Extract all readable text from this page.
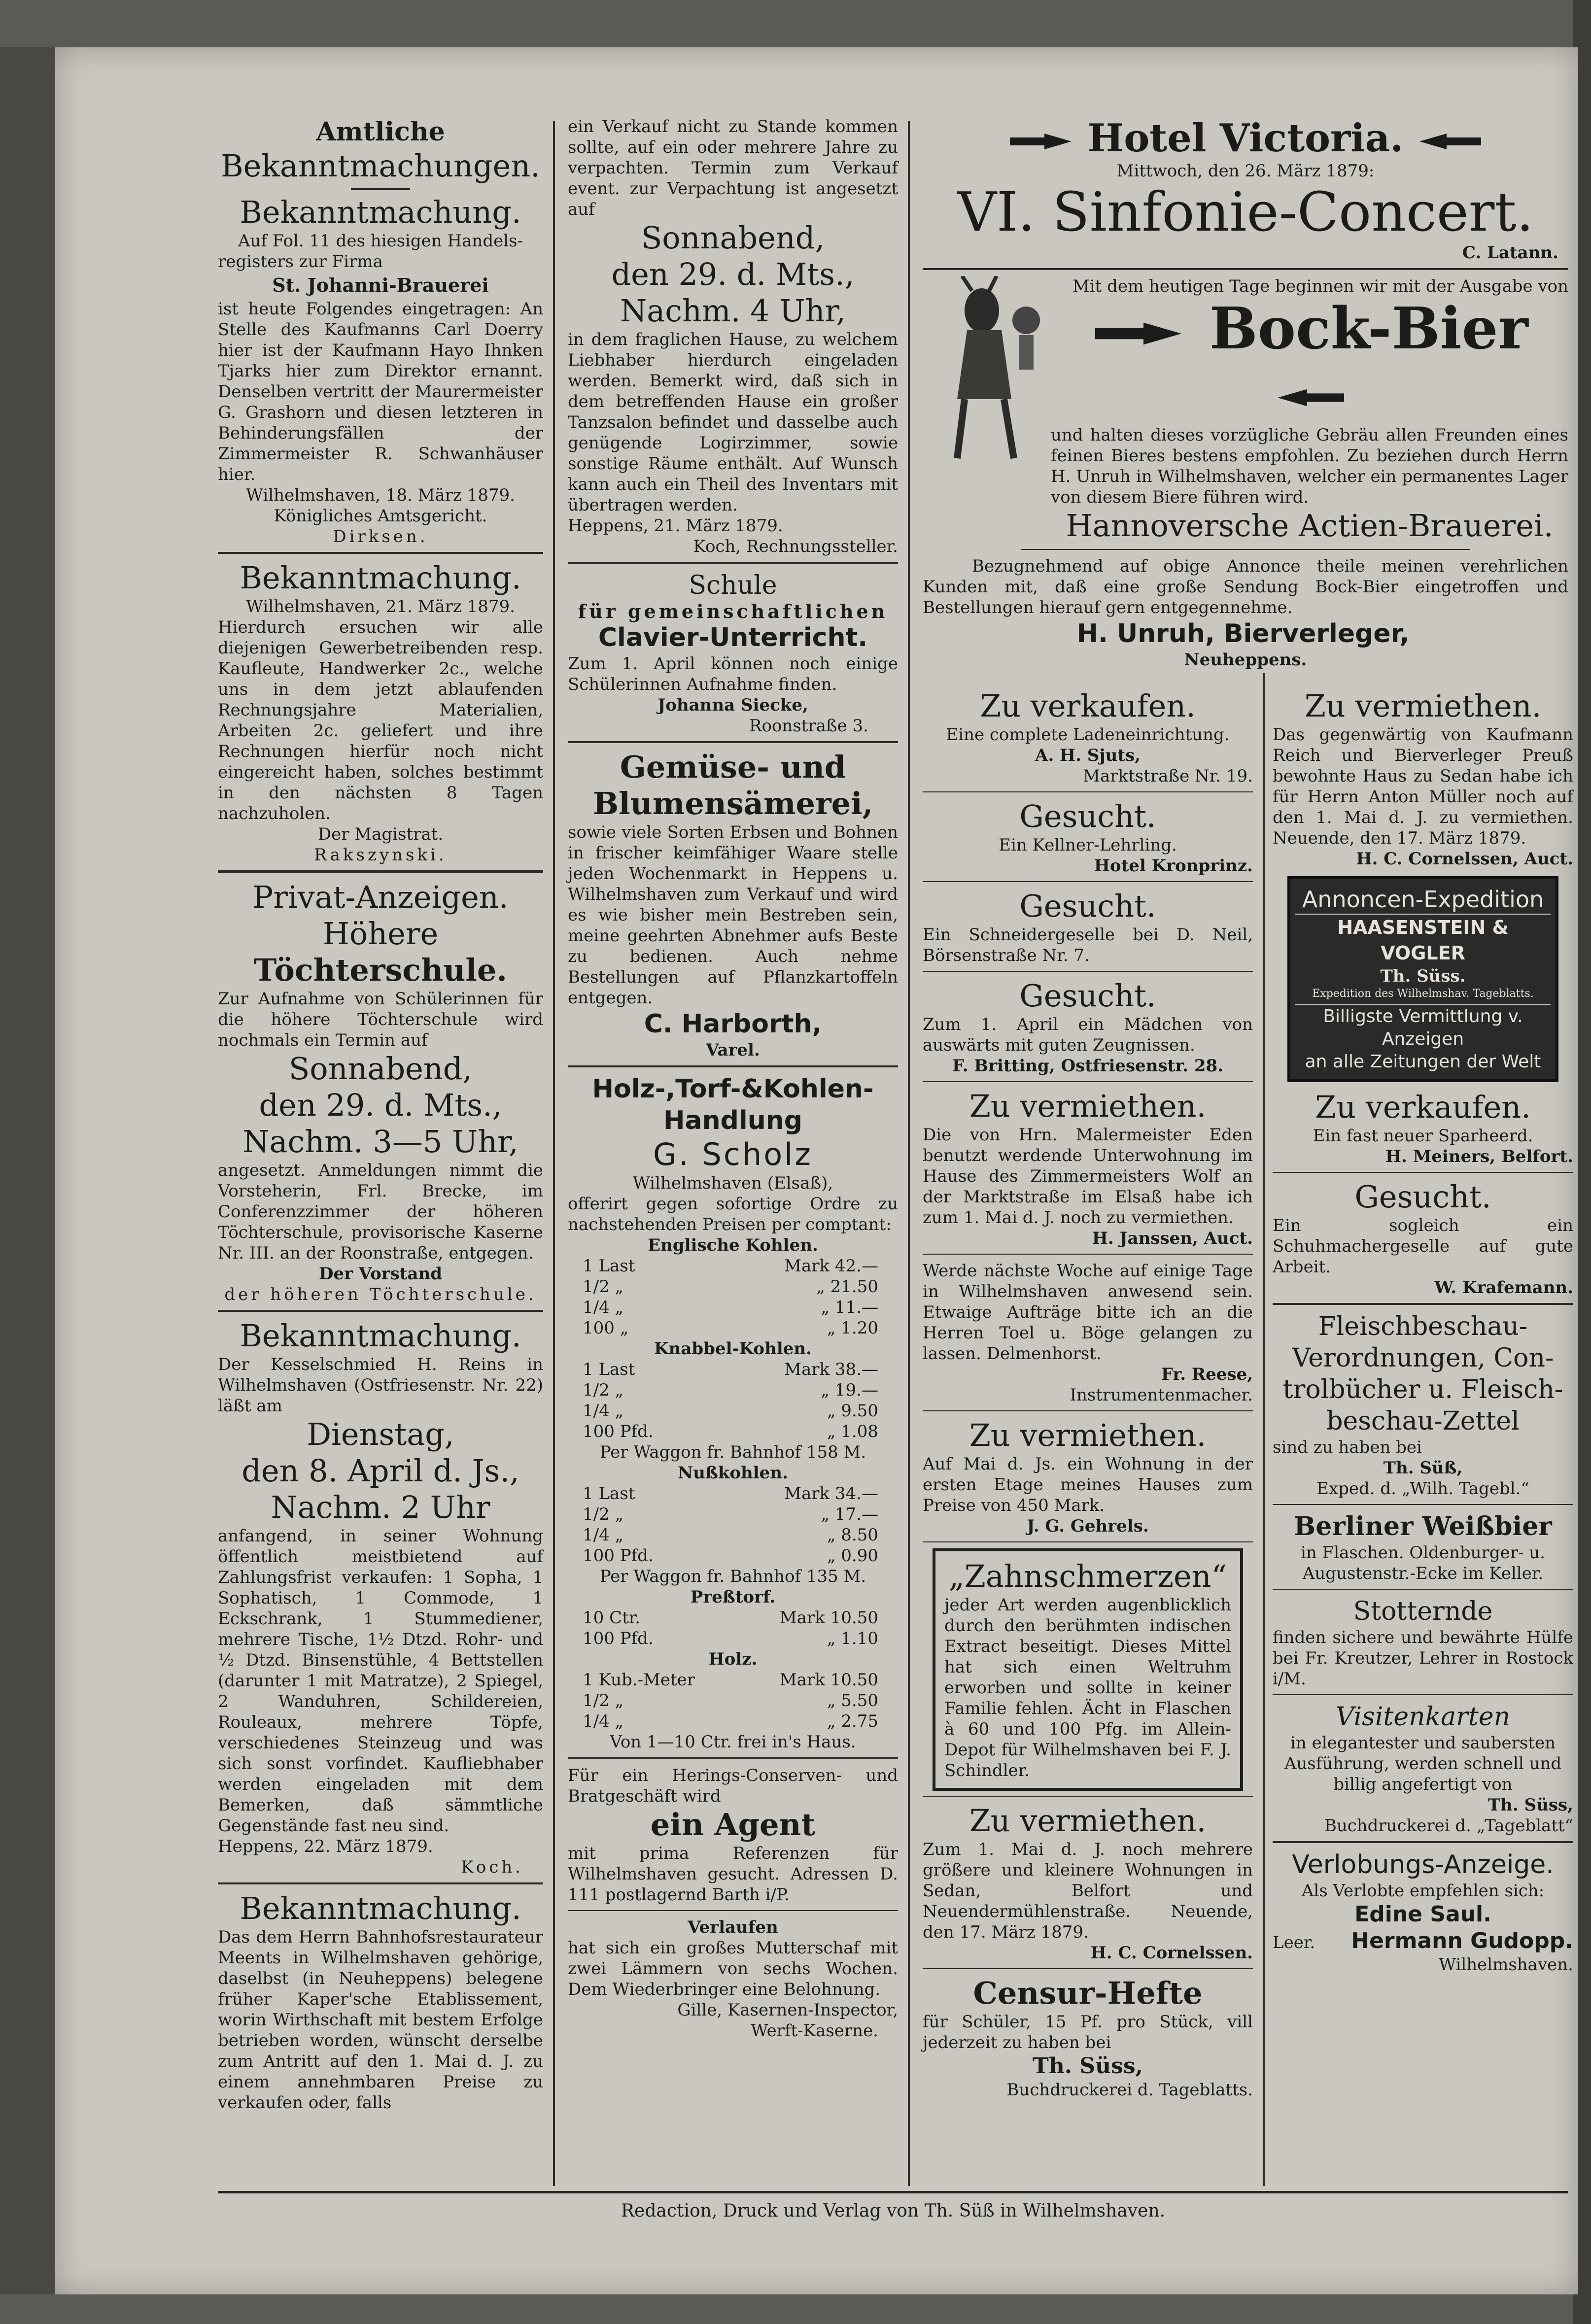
Amtliche
Bekanntmachungen.
Bekanntmachung.
Auf Fol. 11 des hiesigen Handels-
registers zur Firma
St. Johanni-Brauerei
ist heute Folgendes eingetragen: An Stelle des Kaufmanns Carl Doerry hier ist der Kaufmann Hayo Ihnken Tjarks hier zum Direktor ernannt. Denselben vertritt der Maurermeister G. Grashorn und diesen letzteren in Behinderungsfällen der Zimmermeister R. Schwanhäuser hier.
Wilhelmshaven, 18. März 1879.
Königliches Amtsgericht.
Dirksen.
Bekanntmachung.
Wilhelmshaven, 21. März 1879.
Hierdurch ersuchen wir alle diejenigen Gewerbetreibenden resp. Kaufleute, Handwerker 2c., welche uns in dem jetzt ablaufenden Rechnungsjahre Materialien, Arbeiten 2c. geliefert und ihre Rechnungen hierfür noch nicht eingereicht haben, solches bestimmt in den nächsten 8 Tagen nachzuholen.
Der Magistrat.
Rakszynski.
Privat-Anzeigen.
Höhere
Töchterschule.
Zur Aufnahme von Schülerinnen für die höhere Töchterschule wird nochmals ein Termin auf
Sonnabend,
den 29. d. Mts.,
Nachm. 3—5 Uhr,
angesetzt. Anmeldungen nimmt die Vorsteherin, Frl. Brecke, im Conferenzzimmer der höheren Töchterschule, provisorische Kaserne Nr. III. an der Roonstraße, entgegen.
Der Vorstand
der höheren Töchterschule.
Bekanntmachung.
Der Kesselschmied H. Reins in Wilhelmshaven (Ostfriesenstr. Nr. 22) läßt am
Dienstag,
den 8. April d. Js.,
Nachm. 2 Uhr
anfangend, in seiner Wohnung öffentlich meistbietend auf Zahlungsfrist verkaufen: 1 Sopha, 1 Sophatisch, 1 Commode, 1 Eckschrank, 1 Stummediener, mehrere Tische, 1½ Dtzd. Rohr- und ½ Dtzd. Binsenstühle, 4 Bettstellen (darunter 1 mit Matratze), 2 Spiegel, 2 Wanduhren, Schildereien, Rouleaux, mehrere Töpfe, verschiedenes Steinzeug und was sich sonst vorfindet. Kaufliebhaber werden eingeladen mit dem Bemerken, daß sämmtliche Gegenstände fast neu sind.
Heppens, 22. März 1879.
Koch.
Bekanntmachung.
Das dem Herrn Bahnhofsrestaurateur Meents in Wilhelmshaven gehörige, daselbst (in Neuheppens) belegene früher Kaper'sche Etablissement, worin Wirthschaft mit bestem Erfolge betrieben worden, wünscht derselbe zum Antritt auf den 1. Mai d. J. zu einem annehmbaren Preise zu verkaufen oder, falls
ein Verkauf nicht zu Stande kommen sollte, auf ein oder mehrere Jahre zu verpachten. Termin zum Verkauf event. zur Verpachtung ist angesetzt auf
Sonnabend,
den 29. d. Mts.,
Nachm. 4 Uhr,
in dem fraglichen Hause, zu welchem Liebhaber hierdurch eingeladen werden. Bemerkt wird, daß sich in dem betreffenden Hause ein großer Tanzsalon befindet und dasselbe auch genügende Logirzimmer, sowie sonstige Räume enthält. Auf Wunsch kann auch ein Theil des Inventars mit übertragen werden.
Heppens, 21. März 1879.
Koch, Rechnungssteller.
Schule
für gemeinschaftlichen
Clavier-Unterricht.
Zum 1. April können noch einige Schülerinnen Aufnahme finden.
Johanna Siecke,
Roonstraße 3.
Gemüse- und
Blumensämerei,
sowie viele Sorten Erbsen und Bohnen in frischer keimfähiger Waare stelle jeden Wochenmarkt in Heppens u. Wilhelmshaven zum Verkauf und wird es wie bisher mein Bestreben sein, meine geehrten Abnehmer aufs Beste zu bedienen. Auch nehme Bestellungen auf Pflanzkartoffeln entgegen.
C. Harborth,
Varel.
Holz-,Torf-&Kohlen-
Handlung
G. Scholz
Wilhelmshaven (Elsaß),
offerirt gegen sofortige Ordre zu nachstehenden Preisen per comptant:
Englische Kohlen.
1 Last	Mark 42.—
1/2 „	„ 21.50
1/4 „	„ 11.—
100 „	„ 1.20
Knabbel-Kohlen.
1 Last	Mark 38.—
1/2 „	„ 19.—
1/4 „	„ 9.50
100 Pfd.	„ 1.08
Per Waggon fr. Bahnhof 158 M.
Nußkohlen.
1 Last	Mark 34.—
1/2 „	„ 17.—
1/4 „	„ 8.50
100 Pfd.	„ 0.90
Per Waggon fr. Bahnhof 135 M.
Preßtorf.
10 Ctr.	Mark 10.50
100 Pfd.	„ 1.10
Holz.
1 Kub.-Meter	Mark 10.50
1/2 „	„ 5.50
1/4 „	„ 2.75
Von 1—10 Ctr. frei in's Haus.
Für ein Herings-Conserven- und Bratgeschäft wird
ein Agent
mit prima Referenzen für Wilhelmshaven gesucht. Adressen D. 111 postlagernd Barth i/P.
Verlaufen
hat sich ein großes Mutterschaf mit zwei Lämmern von sechs Wochen. Dem Wiederbringer eine Belohnung.
Gille, Kasernen-Inspector,
Werft-Kaserne.
Hotel Victoria.
Mittwoch, den 26. März 1879:
VI. Sinfonie-Concert.
C. Latann.
Mit dem heutigen Tage beginnen wir mit der Ausgabe von
Bock-Bier
und halten dieses vorzügliche Gebräu allen Freunden eines feinen Bieres bestens empfohlen. Zu beziehen durch Herrn H. Unruh in Wilhelmshaven, welcher ein permanentes Lager von diesem Biere führen wird.
Hannoversche Actien-Brauerei.
Bezugnehmend auf obige Annonce theile meinen verehrlichen Kunden mit, daß eine große Sendung Bock-Bier eingetroffen und Bestellungen hierauf gern entgegennehme.
H. Unruh, Bierverleger,
Neuheppens.
Zu verkaufen.
Eine complete Ladeneinrichtung.
A. H. Sjuts,
Marktstraße Nr. 19.
Gesucht.
Ein Kellner-Lehrling.
Hotel Kronprinz.
Gesucht.
Ein Schneidergeselle bei D. Neil, Börsenstraße Nr. 7.
Gesucht.
Zum 1. April ein Mädchen von auswärts mit guten Zeugnissen.
F. Britting, Ostfriesenstr. 28.
Zu vermiethen.
Die von Hrn. Malermeister Eden benutzt werdende Unterwohnung im Hause des Zimmermeisters Wolf an der Marktstraße im Elsaß habe ich zum 1. Mai d. J. noch zu vermiethen.
H. Janssen, Auct.
Werde nächste Woche auf einige Tage in Wilhelmshaven anwesend sein. Etwaige Aufträge bitte ich an die Herren Toel u. Böge gelangen zu lassen. Delmenhorst.
Fr. Reese,
Instrumentenmacher.
Zu vermiethen.
Auf Mai d. Js. ein Wohnung in der ersten Etage meines Hauses zum Preise von 450 Mark.
J. G. Gehrels.
„Zahnschmerzen“
jeder Art werden augenblicklich durch den berühmten indischen Extract beseitigt. Dieses Mittel hat sich einen Weltruhm erworben und sollte in keiner Familie fehlen. Ächt in Flaschen à 60 und 100 Pfg. im Allein-Depot für Wilhelmshaven bei F. J. Schindler.
Zu vermiethen.
Zum 1. Mai d. J. noch mehrere größere und kleinere Wohnungen in Sedan, Belfort und Neuendermühlenstraße. Neuende, den 17. März 1879.
H. C. Cornelssen.
Censur-Hefte
für Schüler, 15 Pf. pro Stück, vill jederzeit zu haben bei
Th. Süss,
Buchdruckerei d. Tageblatts.
Zu vermiethen.
Das gegenwärtig von Kaufmann Reich und Bierverleger Preuß bewohnte Haus zu Sedan habe ich für Herrn Anton Müller noch auf den 1. Mai d. J. zu vermiethen. Neuende, den 17. März 1879.
H. C. Cornelssen, Auct.
Annoncen-Expedition
HAASENSTEIN & VOGLER
Th. Süss.
Expedition des Wilhelmshav. Tageblatts.
Billigste Vermittlung v. Anzeigen
an alle Zeitungen der Welt
Zu verkaufen.
Ein fast neuer Sparheerd.
H. Meiners, Belfort.
Gesucht.
Ein sogleich ein Schuhmachergeselle auf gute Arbeit.
W. Krafemann.
Fleischbeschau-
Verordnungen, Con-
trolbücher u. Fleisch-
beschau-Zettel
sind zu haben bei
Th. Süß,
Exped. d. „Wilh. Tagebl.“
Berliner Weißbier
in Flaschen. Oldenburger- u. Augustenstr.-Ecke im Keller.
Stotternde
finden sichere und bewährte Hülfe bei Fr. Kreutzer, Lehrer in Rostock i/M.
Visitenkarten
in elegantester und saubersten Ausführung, werden schnell und billig angefertigt von
Th. Süss,
Buchdruckerei d. „Tageblatt“
Verlobungs-Anzeige.
Als Verlobte empfehlen sich:
Edine Saul.
Leer. Hermann Gudopp.
Wilhelmshaven.
Redaction, Druck und Verlag von Th. Süß in Wilhelmshaven.
